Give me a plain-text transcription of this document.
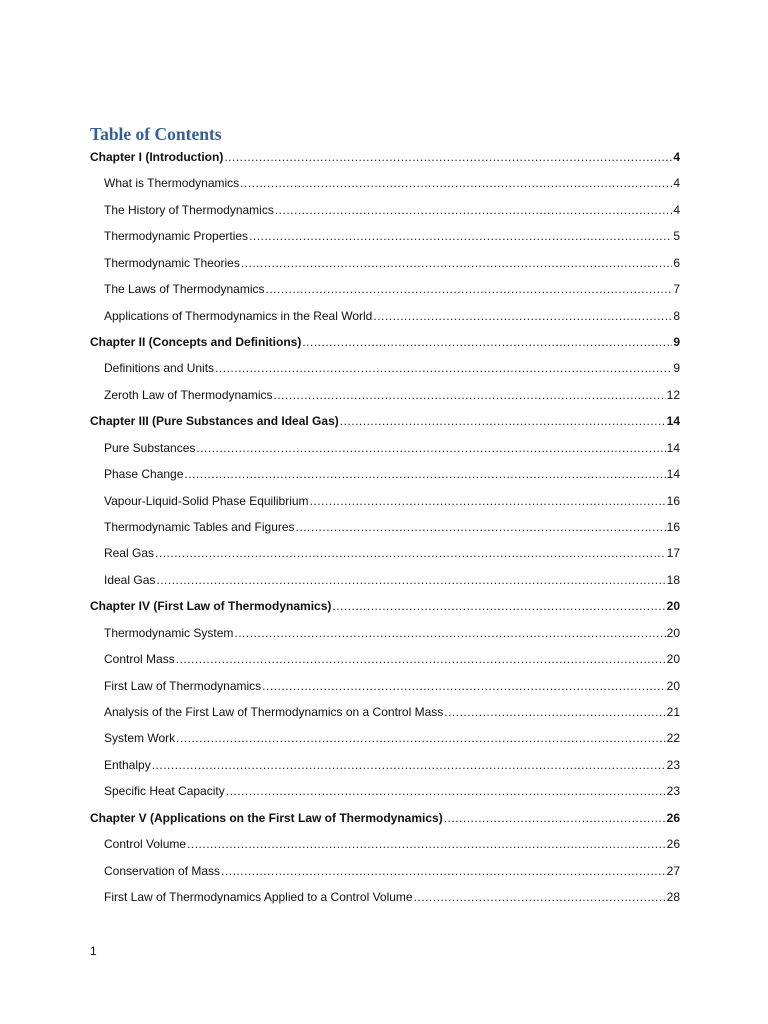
Table of Contents
Chapter I (Introduction) .....	4
What is Thermodynamics .....	4
The History of Thermodynamics .....	4
Thermodynamic Properties .....	5
Thermodynamic Theories .....	6
The Laws of Thermodynamics .....	7
Applications of Thermodynamics in the Real World .....	8
Chapter II (Concepts and Definitions) .....	9
Definitions and Units .....	9
Zeroth Law of Thermodynamics .....	12
Chapter III (Pure Substances and Ideal Gas) .....	14
Pure Substances .....	14
Phase Change .....	14
Vapour-Liquid-Solid Phase Equilibrium .....	16
Thermodynamic Tables and Figures .....	16
Real Gas .....	17
Ideal Gas .....	18
Chapter IV (First Law of Thermodynamics) .....	20
Thermodynamic System .....	20
Control Mass .....	20
First Law of Thermodynamics .....	20
Analysis of the First Law of Thermodynamics on a Control Mass .....	21
System Work .....	22
Enthalpy .....	23
Specific Heat Capacity .....	23
Chapter V (Applications on the First Law of Thermodynamics) .....	26
Control Volume .....	26
Conservation of Mass .....	27
First Law of Thermodynamics Applied to a Control Volume .....	28
1
